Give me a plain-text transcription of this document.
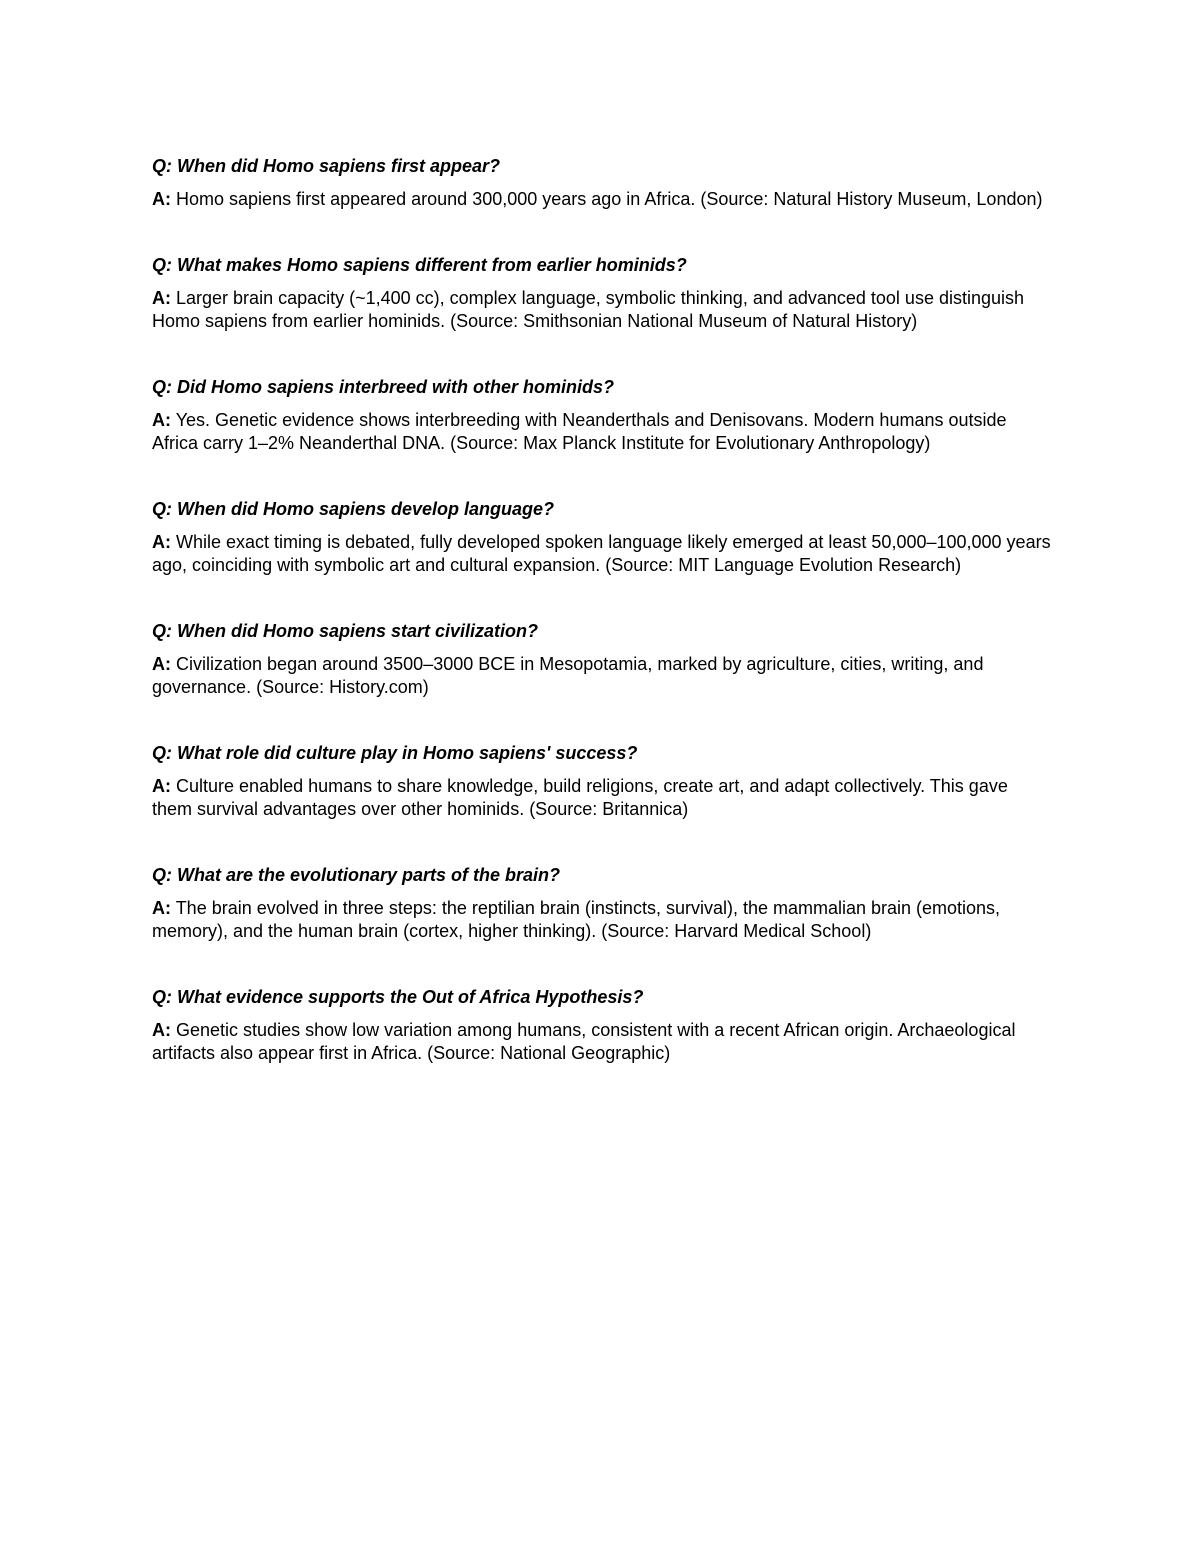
Q: When did Homo sapiens first appear?

A: Homo sapiens first appeared around 300,000 years ago in Africa. (Source: Natural History Museum, London)

Q: What makes Homo sapiens different from earlier hominids?

A: Larger brain capacity (~1,400 cc), complex language, symbolic thinking, and advanced tool use distinguish Homo sapiens from earlier hominids. (Source: Smithsonian National Museum of Natural History)

Q: Did Homo sapiens interbreed with other hominids?

A: Yes. Genetic evidence shows interbreeding with Neanderthals and Denisovans. Modern humans outside Africa carry 1–2% Neanderthal DNA. (Source: Max Planck Institute for Evolutionary Anthropology)

Q: When did Homo sapiens develop language?

A: While exact timing is debated, fully developed spoken language likely emerged at least 50,000–100,000 years ago, coinciding with symbolic art and cultural expansion. (Source: MIT Language Evolution Research)

Q: When did Homo sapiens start civilization?

A: Civilization began around 3500–3000 BCE in Mesopotamia, marked by agriculture, cities, writing, and governance. (Source: History.com)

Q: What role did culture play in Homo sapiens' success?

A: Culture enabled humans to share knowledge, build religions, create art, and adapt collectively. This gave them survival advantages over other hominids. (Source: Britannica)

Q: What are the evolutionary parts of the brain?

A: The brain evolved in three steps: the reptilian brain (instincts, survival), the mammalian brain (emotions, memory), and the human brain (cortex, higher thinking). (Source: Harvard Medical School)

Q: What evidence supports the Out of Africa Hypothesis?

A: Genetic studies show low variation among humans, consistent with a recent African origin. Archaeological artifacts also appear first in Africa. (Source: National Geographic)
